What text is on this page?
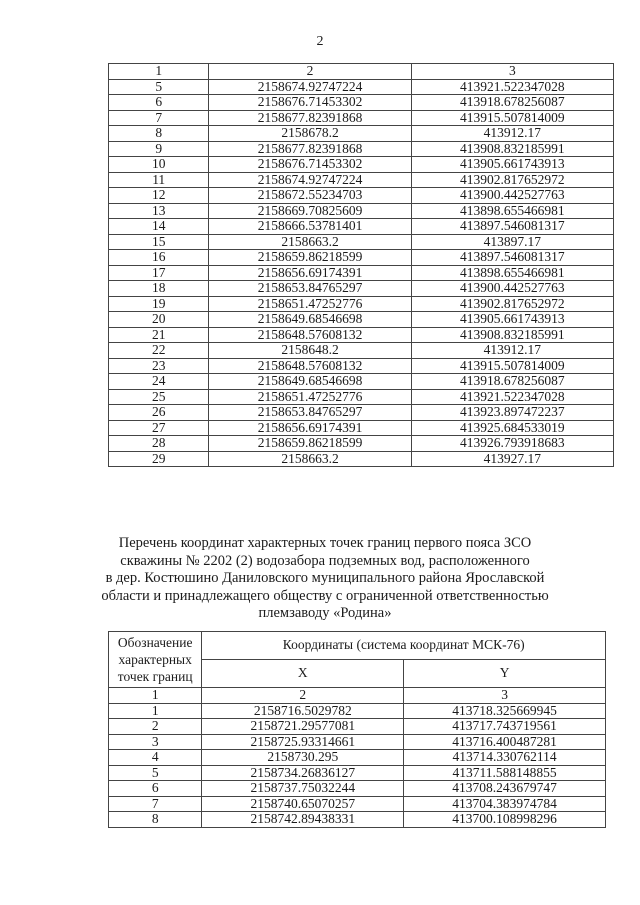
2
1	2	3
5	2158674.92747224	413921.522347028
6	2158676.71453302	413918.678256087
7	2158677.82391868	413915.507814009
8	2158678.2	413912.17
9	2158677.82391868	413908.832185991
10	2158676.71453302	413905.661743913
11	2158674.92747224	413902.817652972
12	2158672.55234703	413900.442527763
13	2158669.70825609	413898.655466981
14	2158666.53781401	413897.546081317
15	2158663.2	413897.17
16	2158659.86218599	413897.546081317
17	2158656.69174391	413898.655466981
18	2158653.84765297	413900.442527763
19	2158651.47252776	413902.817652972
20	2158649.68546698	413905.661743913
21	2158648.57608132	413908.832185991
22	2158648.2	413912.17
23	2158648.57608132	413915.507814009
24	2158649.68546698	413918.678256087
25	2158651.47252776	413921.522347028
26	2158653.84765297	413923.897472237
27	2158656.69174391	413925.684533019
28	2158659.86218599	413926.793918683
29	2158663.2	413927.17
Перечень координат характерных точек границ первого пояса ЗСО
скважины № 2202 (2) водозабора подземных вод, расположенного
в дер. Костюшино Даниловского муниципального района Ярославской
области и принадлежащего обществу с ограниченной ответственностью
племзаводу «Родина»
Обозначение характерных точек границ	Координаты (система координат МСК-76)	
	X	Y
1	2	3
1	2158716.5029782	413718.325669945
2	2158721.29577081	413717.743719561
3	2158725.93314661	413716.400487281
4	2158730.295	413714.330762114
5	2158734.26836127	413711.588148855
6	2158737.75032244	413708.243679747
7	2158740.65070257	413704.383974784
8	2158742.89438331	413700.108998296
